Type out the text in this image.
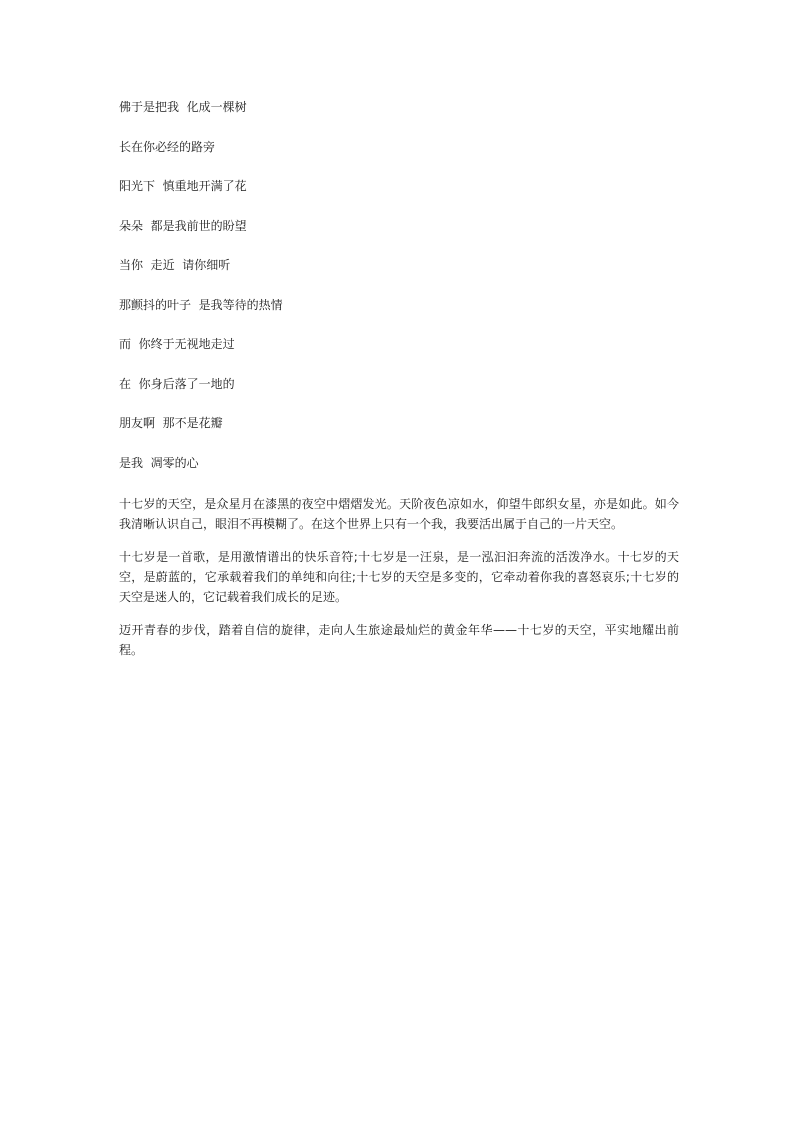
佛于是把我  化成一棵树
长在你必经的路旁
阳光下  慎重地开满了花
朵朵  都是我前世的盼望
当你  走近  请你细听
那颤抖的叶子  是我等待的热情
而  你终于无视地走过
在  你身后落了一地的
朋友啊  那不是花瓣
是我  凋零的心

十七岁的天空，是众星月在漆黑的夜空中熠熠发光。天阶夜色凉如水，仰望牛郎织女星，亦是如此。如今我清晰认识自己，眼泪不再模糊了。在这个世界上只有一个我，我要活出属于自己的一片天空。

十七岁是一首歌，是用激情谱出的快乐音符;十七岁是一汪泉，是一泓汩汩奔流的活泼净水。十七岁的天空，是蔚蓝的，它承载着我们的单纯和向往;十七岁的天空是多变的，它牵动着你我的喜怒哀乐;十七岁的天空是迷人的，它记载着我们成长的足迹。

迈开青春的步伐，踏着自信的旋律，走向人生旅途最灿烂的黄金年华——十七岁的天空，平实地耀出前程。
